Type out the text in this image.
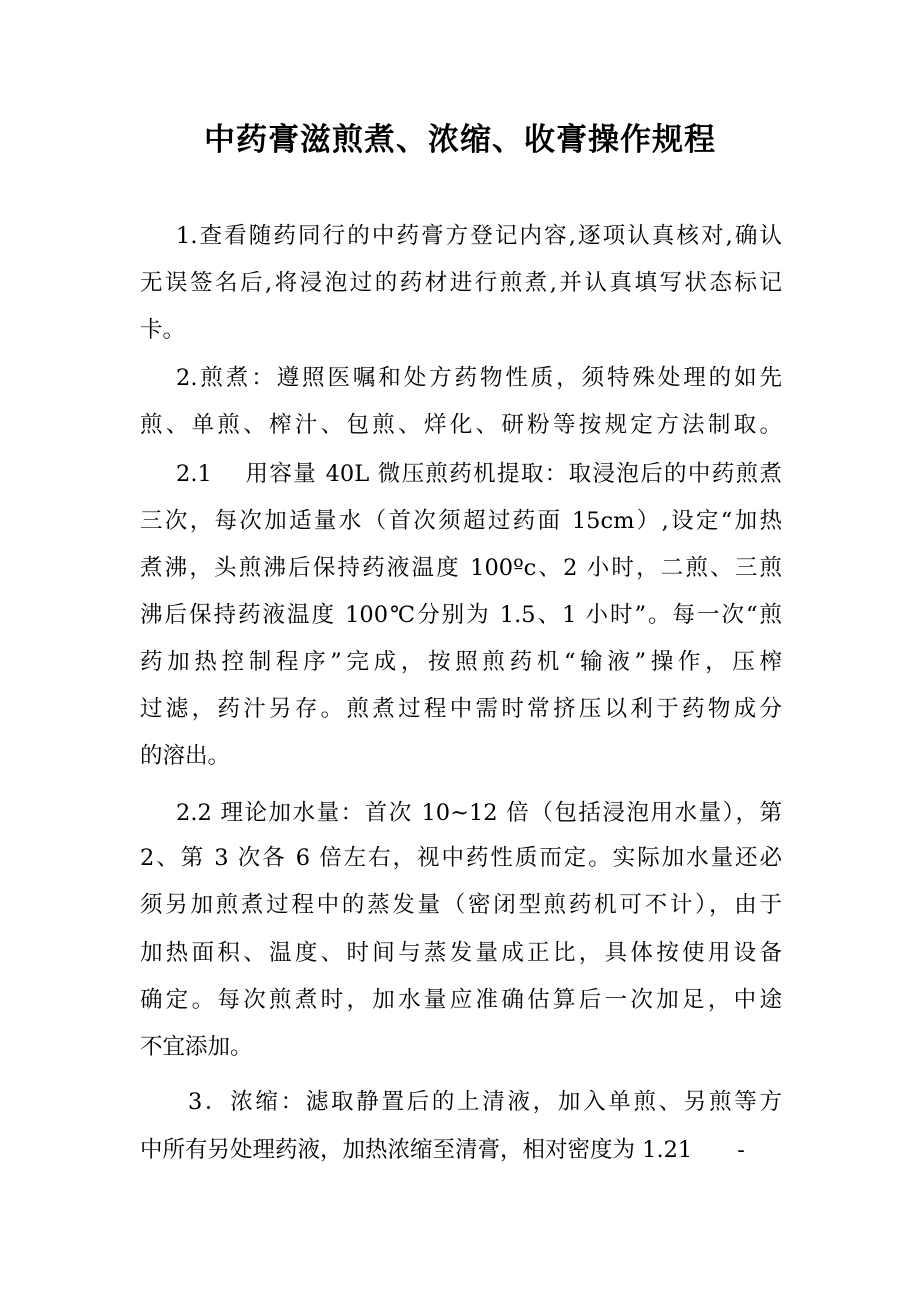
中药膏滋煎煮、浓缩、收膏操作规程
1.查看随药同行的中药膏方登记内容,逐项认真核对,确认
无误签名后,将浸泡过的药材进行煎煮,并认真填写状态标记
卡。
2.煎煮：遵照医嘱和处方药物性质，须特殊处理的如先
煎、单煎、榨汁、包煎、烊化、研粉等按规定方法制取。
2.1　 用容量 40L 微压煎药机提取：取浸泡后的中药煎煮
三次，每次加适量水（首次须超过药面 15cm）,设定“加热
煮沸，头煎沸后保持药液温度 100ºc、2 小时，二煎、三煎
沸后保持药液温度 100℃分别为 1.5、1 小时”。每一次“煎
药加热控制程序”完成，按照煎药机“输液”操作，压榨
过滤，药汁另存。煎煮过程中需时常挤压以利于药物成分
的溶出。
2.2 理论加水量：首次 10~12 倍（包括浸泡用水量），第
2、第 3 次各 6 倍左右，视中药性质而定。实际加水量还必
须另加煎煮过程中的蒸发量（密闭型煎药机可不计），由于
加热面积、温度、时间与蒸发量成正比，具体按使用设备
确定。每次煎煮时，加水量应准确估算后一次加足，中途
不宜添加。
3．浓缩：滤取静置后的上清液，加入单煎、另煎等方
中所有另处理药液，加热浓缩至清膏，相对密度为 1.21　　-
